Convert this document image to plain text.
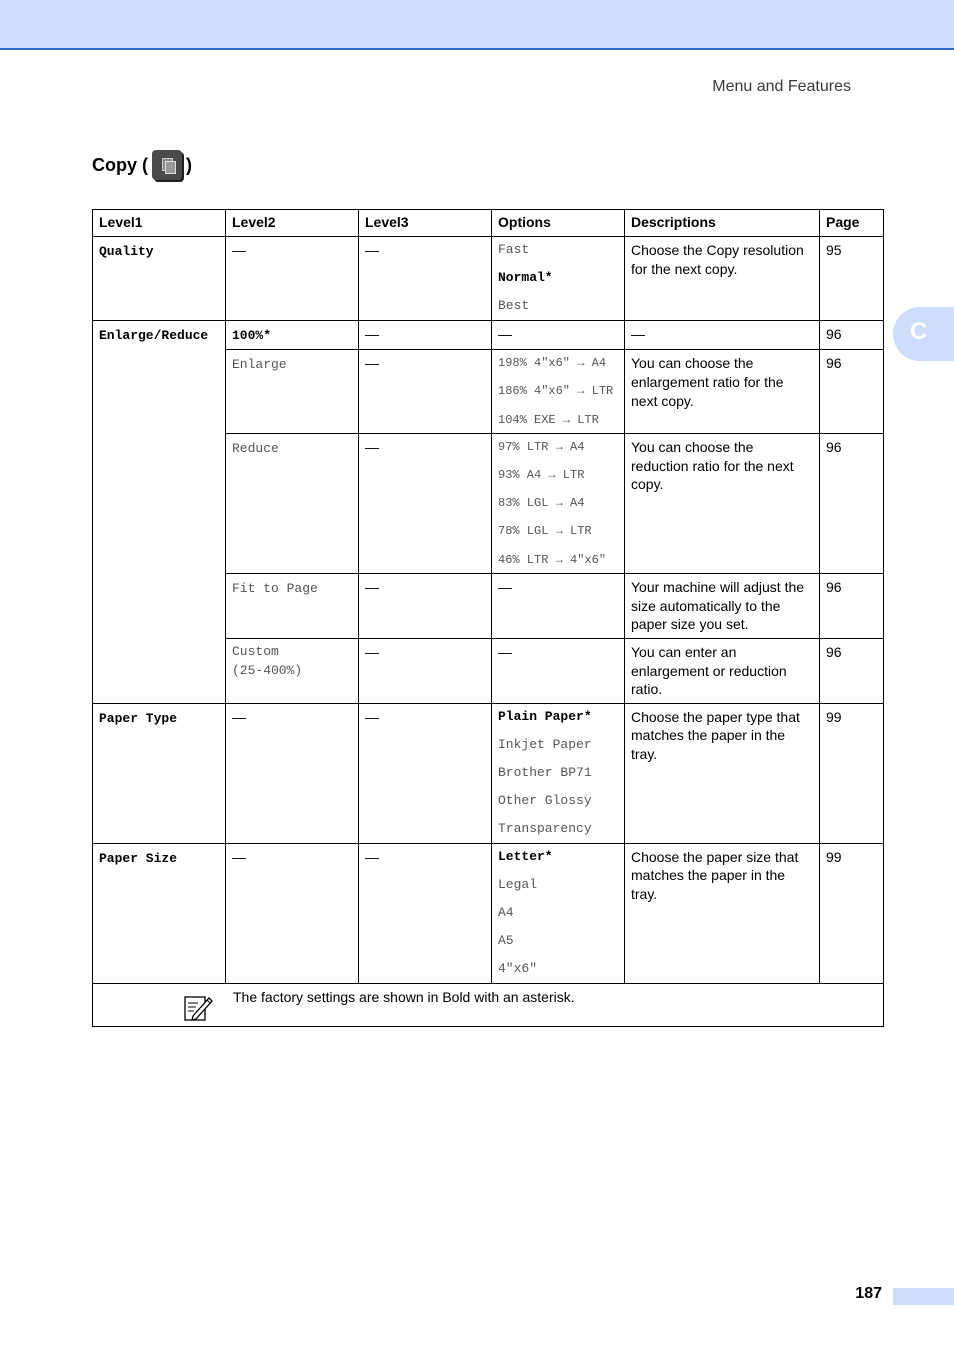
Menu and Features
Copy ( )
C
Level1	Level2	Level3	Options	Descriptions	Page
Quality	—	—	Fast
Normal*
Best	Choose the Copy resolution for the next copy.	95
Enlarge/Reduce	100%*	—	—	—	96
	Enlarge	—	198% 4"x6" → A4
186% 4"x6" → LTR
104% EXE → LTR	You can choose the enlargement ratio for the next copy.	96
	Reduce	—	97% LTR → A4
93% A4 → LTR
83% LGL → A4
78% LGL → LTR
46% LTR → 4"x6"	You can choose the reduction ratio for the next copy.	96
	Fit to Page	—	—	Your machine will adjust the size automatically to the paper size you set.	96

	Custom
(25-400%)	—	—	You can enter an enlargement or reduction ratio.	96
Paper Type	—	—	Plain Paper*
Inkjet Paper
Brother BP71
Other Glossy
Transparency	Choose the paper type that matches the paper in the tray.	99
Paper Size	—	—	Letter*
Legal
A4
A5
4"x6"	Choose the paper size that matches the paper in the tray.	99

The factory settings are shown in Bold with an asterisk.					
187
